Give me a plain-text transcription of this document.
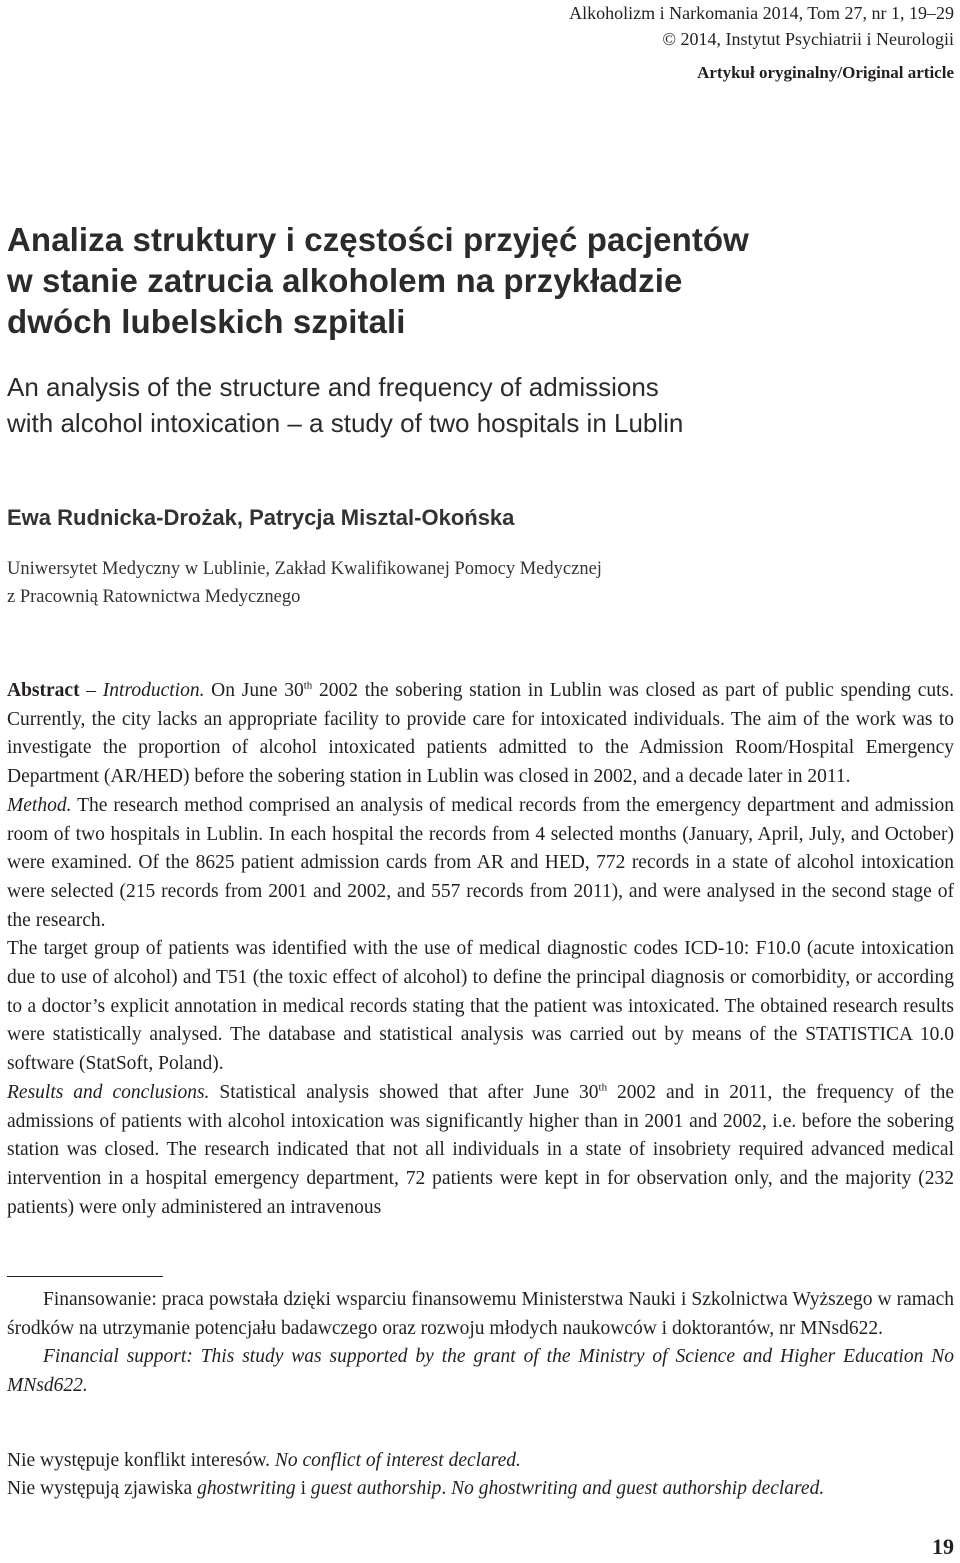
Alkoholizm i Narkomania 2014, Tom 27, nr 1, 19–29
© 2014, Instytut Psychiatrii i Neurologii
Artykuł oryginalny/Original article
Analiza struktury i częstości przyjęć pacjentów
w stanie zatrucia alkoholem na przykładzie
dwóch lubelskich szpitali
An analysis of the structure and frequency of admissions
with alcohol intoxication – a study of two hospitals in Lublin
Ewa Rudnicka-Drożak, Patrycja Misztal-Okońska
Uniwersytet Medyczny w Lublinie, Zakład Kwalifikowanej Pomocy Medycznej
z Pracownią Ratownictwa Medycznego

Abstract – Introduction. On June 30th 2002 the sobering station in Lublin was closed as part of public spending cuts. Currently, the city lacks an appropriate facility to provide care for intoxicated individuals. The aim of the work was to investigate the proportion of alcohol intoxicated patients admitted to the Admission Room/Hospital Emergency Department (AR/HED) before the sobering station in Lublin was closed in 2002, and a decade later in 2011.

Method. The research method comprised an analysis of medical records from the emergency department and admission room of two hospitals in Lublin. In each hospital the records from 4 selected months (January, April, July, and October) were examined. Of the 8625 patient admission cards from AR and HED, 772 records in a state of alcohol intoxication were selected (215 records from 2001 and 2002, and 557 records from 2011), and were analysed in the second stage of the research.

The target group of patients was identified with the use of medical diagnostic codes ICD-10: F10.0 (acute intoxication due to use of alcohol) and T51 (the toxic effect of alcohol) to define the principal diagnosis or comorbidity, or according to a doctor’s explicit annotation in medical records stating that the patient was intoxicated. The obtained research results were statistically analysed. The database and statistical analysis was carried out by means of the STATISTICA 10.0 software (StatSoft, Poland).

Results and conclusions. Statistical analysis showed that after June 30th 2002 and in 2011, the frequency of the admissions of patients with alcohol intoxication was significantly higher than in 2001 and 2002, i.e. before the sobering station was closed. The research indicated that not all individuals in a state of insobriety required advanced medical intervention in a hospital emergency department, 72 patients were kept in for observation only, and the majority (232 patients) were only administered an intravenous

Finansowanie: praca powstała dzięki wsparciu finansowemu Ministerstwa Nauki i Szkolnictwa Wyższego w ramach środków na utrzymanie potencjału badawczego oraz rozwoju młodych naukowców i doktorantów, nr MNsd622.

Financial support: This study was supported by the grant of the Ministry of Science and Higher Education No MNsd622.

Nie występuje konflikt interesów. No conflict of interest declared.

Nie występują zjawiska ghostwriting i guest authorship. No ghostwriting and guest authorship declared.

19
